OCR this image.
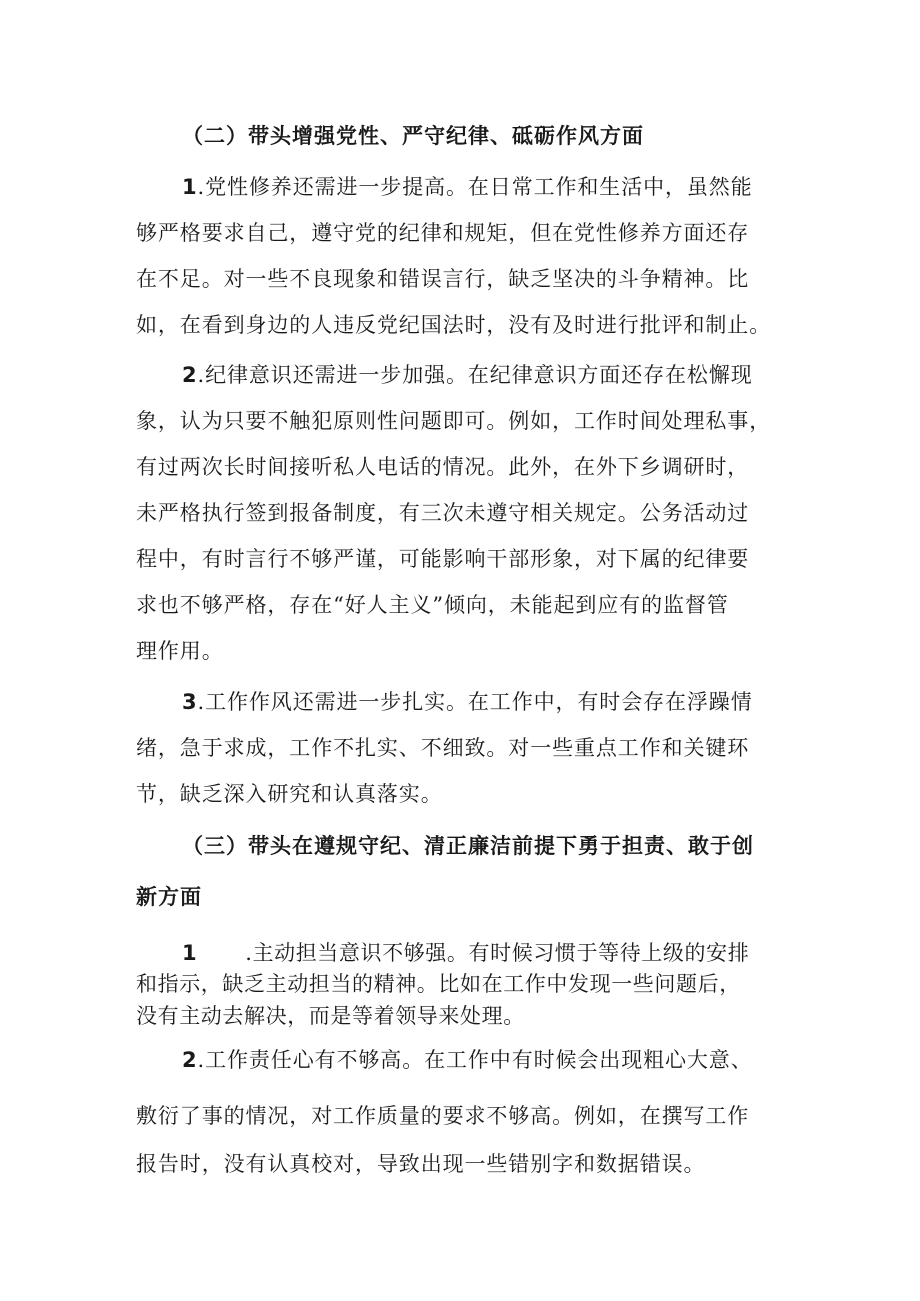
（二）带头增强党性、严守纪律、砥砺作风方面
1.党性修养还需进一步提高。在日常工作和生活中，虽然能
够严格要求自己，遵守党的纪律和规矩，但在党性修养方面还存
在不足。对一些不良现象和错误言行，缺乏坚决的斗争精神。比
如，在看到身边的人违反党纪国法时，没有及时进行批评和制止。
2.纪律意识还需进一步加强。在纪律意识方面还存在松懈现
象，认为只要不触犯原则性问题即可。例如，工作时间处理私事，
有过两次长时间接听私人电话的情况。此外，在外下乡调研时，
未严格执行签到报备制度，有三次未遵守相关规定。公务活动过
程中，有时言行不够严谨，可能影响干部形象，对下属的纪律要
求也不够严格，存在“好人主义”倾向，未能起到应有的监督管
理作用。
3.工作作风还需进一步扎实。在工作中，有时会存在浮躁情
绪，急于求成，工作不扎实、不细致。对一些重点工作和关键环
节，缺乏深入研究和认真落实。
（三）带头在遵规守纪、清正廉洁前提下勇于担责、敢于创
新方面
1 .主动担当意识不够强。有时候习惯于等待上级的安排
和指示，缺乏主动担当的精神。比如在工作中发现一些问题后，
没有主动去解决，而是等着领导来处理。
2.工作责任心有不够高。在工作中有时候会出现粗心大意、
敷衍了事的情况，对工作质量的要求不够高。例如，在撰写工作
报告时，没有认真校对，导致出现一些错别字和数据错误。
